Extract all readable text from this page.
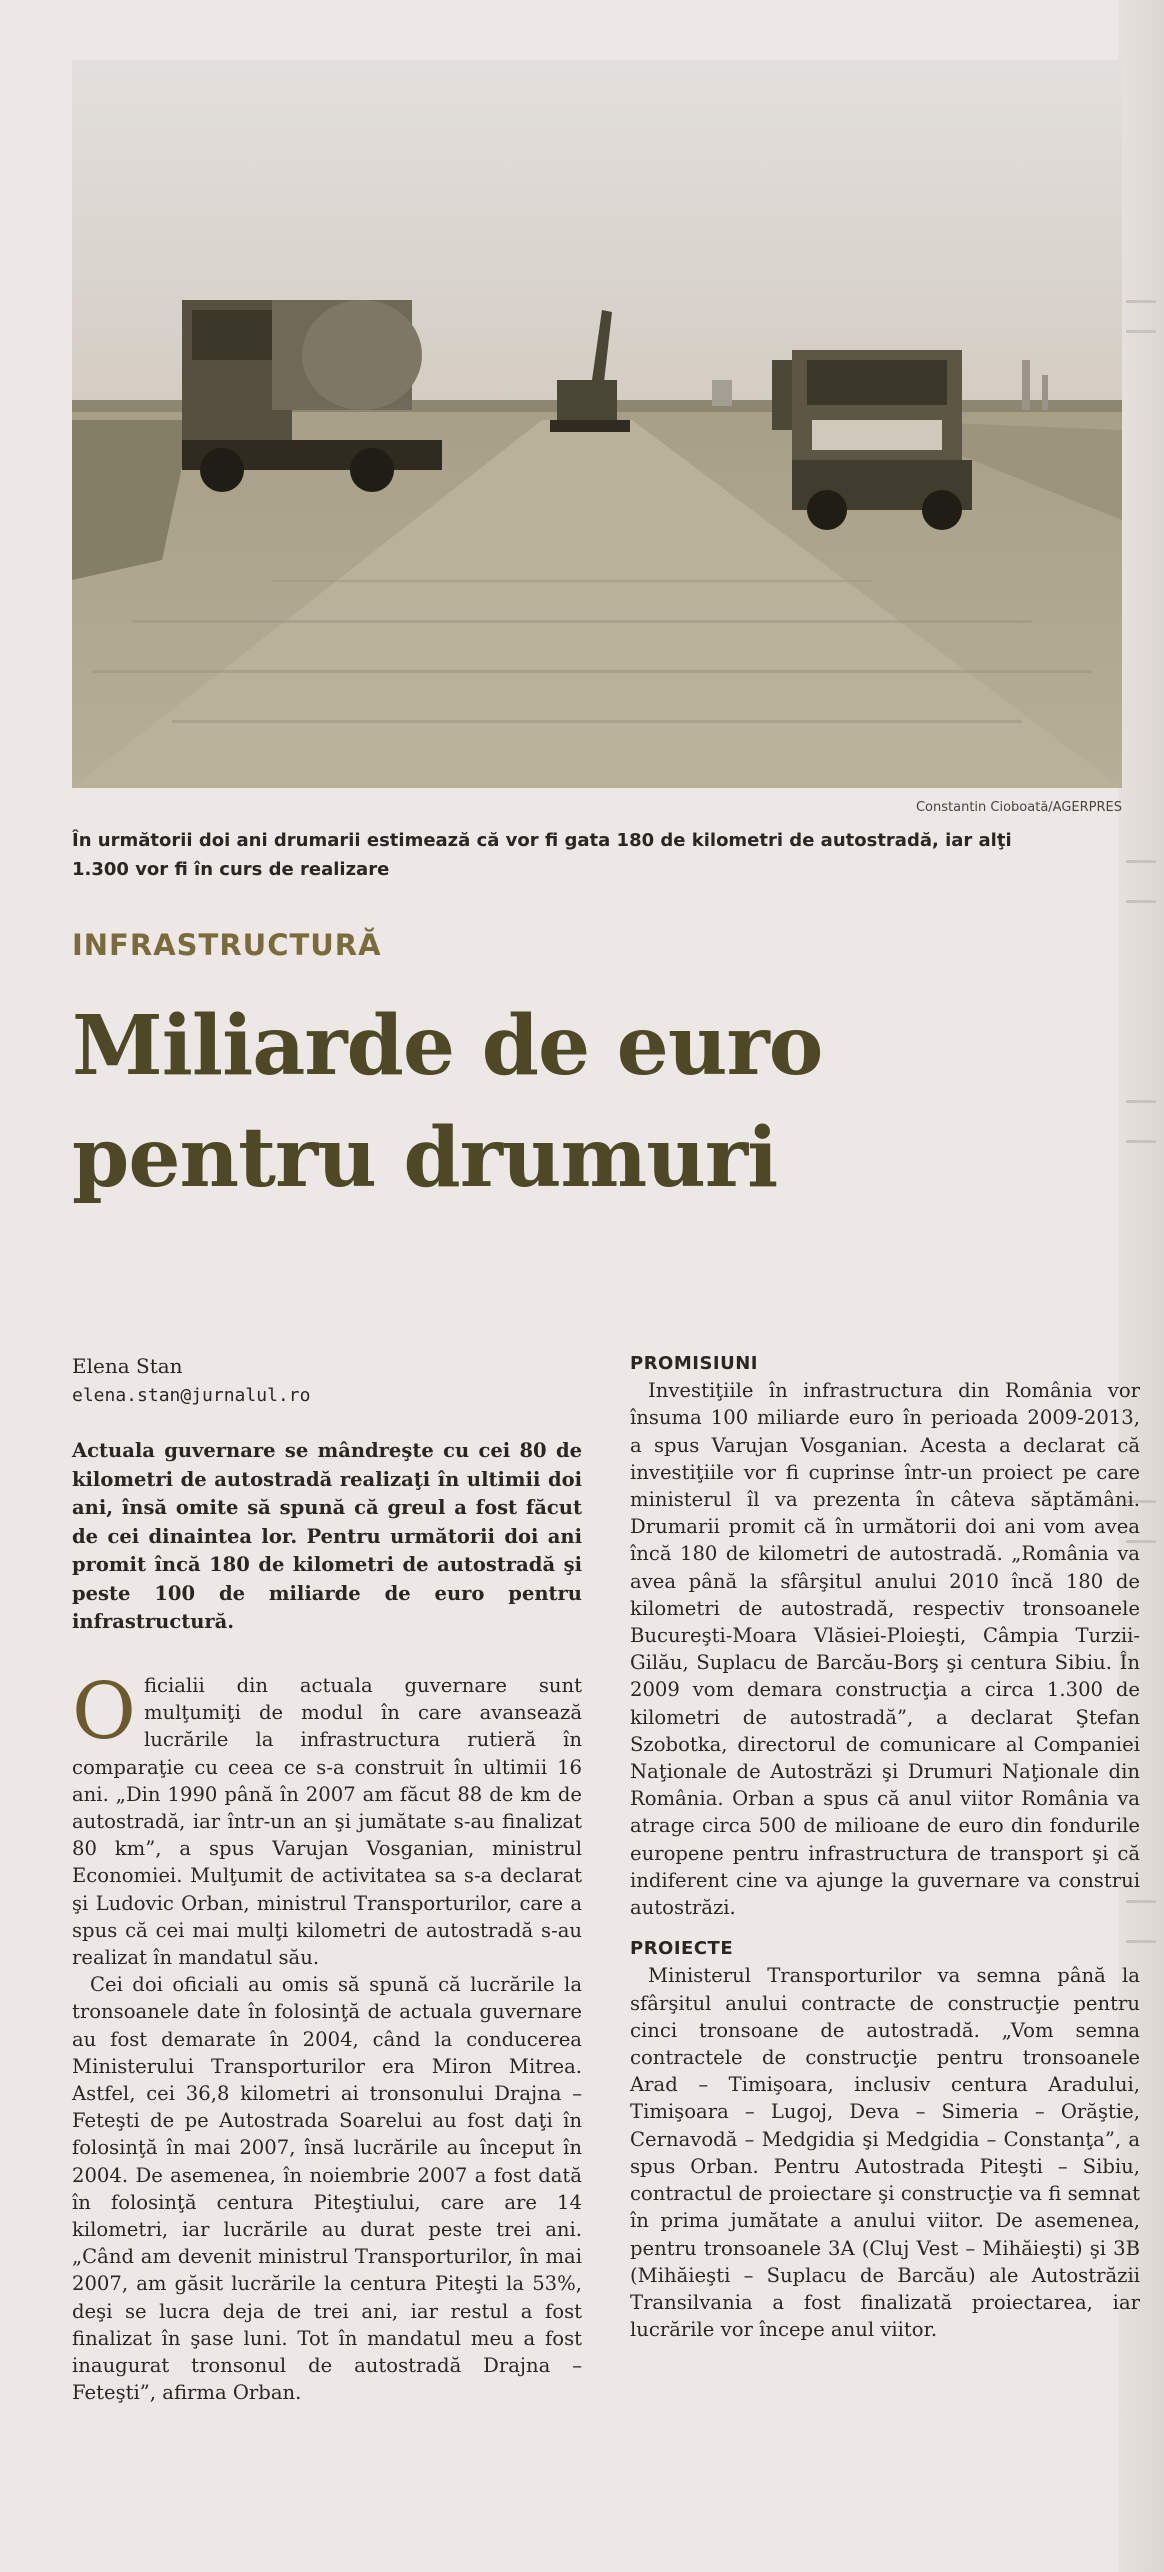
Constantin Cioboată/AGERPRES
În următorii doi ani drumarii estimează că vor fi gata 180 de kilometri de autostradă, iar alţi 1.300 vor fi în curs de realizare
INFRASTRUCTURĂ
Miliarde de euro pentru drumuri
Elena Stan
elena.stan@jurnalul.ro
Actuala guvernare se mândreşte cu cei 80 de kilometri de autostradă realizaţi în ultimii doi ani, însă omite să spună că greul a fost făcut de cei dinaintea lor. Pentru următorii doi ani promit încă 180 de kilometri de autostradă şi peste 100 de miliarde de euro pentru infrastructură.

Oficialii din actuala guvernare sunt mulţumiţi de modul în care avansează lucrările la infrastructura rutieră în comparaţie cu ceea ce s-a construit în ultimii 16 ani. „Din 1990 până în 2007 am făcut 88 de km de autostradă, iar într-un an şi jumătate s-au finalizat 80 km”, a spus Varujan Vosganian, ministrul Economiei. Mulţumit de activitatea sa s-a declarat şi Ludovic Orban, ministrul Transporturilor, care a spus că cei mai mulţi kilometri de autostradă s-au realizat în mandatul său.

Cei doi oficiali au omis să spună că lucrările la tronsoanele date în folosinţă de actuala guvernare au fost demarate în 2004, când la conducerea Ministerului Transporturilor era Miron Mitrea. Astfel, cei 36,8 kilometri ai tronsonului Drajna – Feteşti de pe Autostrada Soarelui au fost daţi în folosinţă în mai 2007, însă lucrările au început în 2004. De asemenea, în noiembrie 2007 a fost dată în folosinţă centura Piteştiului, care are 14 kilometri, iar lucrările au durat peste trei ani. „Când am devenit ministrul Transporturilor, în mai 2007, am găsit lucrările la centura Piteşti la 53%, deşi se lucra deja de trei ani, iar restul a fost finalizat în şase luni. Tot în mandatul meu a fost inaugurat tronsonul de autostradă Drajna – Feteşti”, afirma Orban.

PROMISIUNI

Investiţiile în infrastructura din România vor însuma 100 miliarde euro în perioada 2009-2013, a spus Varujan Vosganian. Acesta a declarat că investiţiile vor fi cuprinse într-un proiect pe care ministerul îl va prezenta în câteva săptămâni. Drumarii promit că în următorii doi ani vom avea încă 180 de kilometri de autostradă. „România va avea până la sfârşitul anului 2010 încă 180 de kilometri de autostradă, respectiv tronsoanele Bucureşti-Moara Vlăsiei-Ploieşti, Câmpia Turzii-Gilău, Suplacu de Barcău-Borş şi centura Sibiu. În 2009 vom demara construcţia a circa 1.300 de kilometri de autostradă”, a declarat Ştefan Szobotka, directorul de comunicare al Companiei Naţionale de Autostrăzi şi Drumuri Naţionale din România. Orban a spus că anul viitor România va atrage circa 500 de milioane de euro din fondurile europene pentru infrastructura de transport şi că indiferent cine va ajunge la guvernare va construi autostrăzi.

PROIECTE

Ministerul Transporturilor va semna până la sfârşitul anului contracte de construcţie pentru cinci tronsoane de autostradă. „Vom semna contractele de construcţie pentru tronsoanele Arad – Timişoara, inclusiv centura Aradului, Timişoara – Lugoj, Deva – Simeria – Orăştie, Cernavodă – Medgidia şi Medgidia – Constanţa”, a spus Orban. Pentru Autostrada Piteşti – Sibiu, contractul de proiectare şi construcţie va fi semnat în prima jumătate a anului viitor. De asemenea, pentru tronsoanele 3A (Cluj Vest – Mihăieşti) şi 3B (Mihăieşti – Suplacu de Barcău) ale Autostrăzii Transilvania a fost finalizată proiectarea, iar lucrările vor începe anul viitor.
